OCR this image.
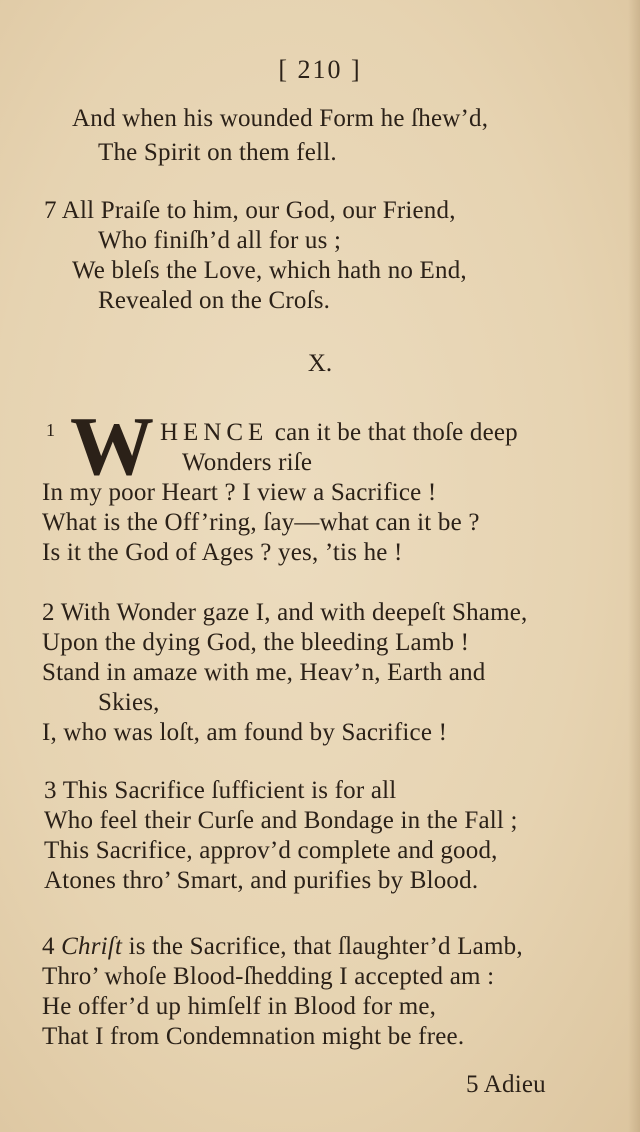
[ 210 ]
And when his wounded Form he ſhew’d,
The Spirit on them fell.
7 All Praiſe to him, our God, our Friend,
Who finiſh’d all for us ;
We bleſs the Love, which hath no End,
Revealed on the Croſs.
X.
1 W HENCE can it be that thoſe deep
Wonders riſe
In my poor Heart ? I view a Sacrifice !
What is the Off’ring, ſay—what can it be ?
Is it the God of Ages ? yes, ’tis he !
2 With Wonder gaze I, and with deepeſt Shame,
Upon the dying God, the bleeding Lamb !
Stand in amaze with me, Heav’n, Earth and
Skies,
I, who was loſt, am found by Sacrifice !
3 This Sacrifice ſufficient is for all
Who feel their Curſe and Bondage in the Fall ;
This Sacrifice, approv’d complete and good,
Atones thro’ Smart, and purifies by Blood.
4 Chriſt is the Sacrifice, that ſlaughter’d Lamb,
Thro’ whoſe Blood-ſhedding I accepted am :
He offer’d up himſelf in Blood for me,
That I from Condemnation might be free.
5 Adieu
